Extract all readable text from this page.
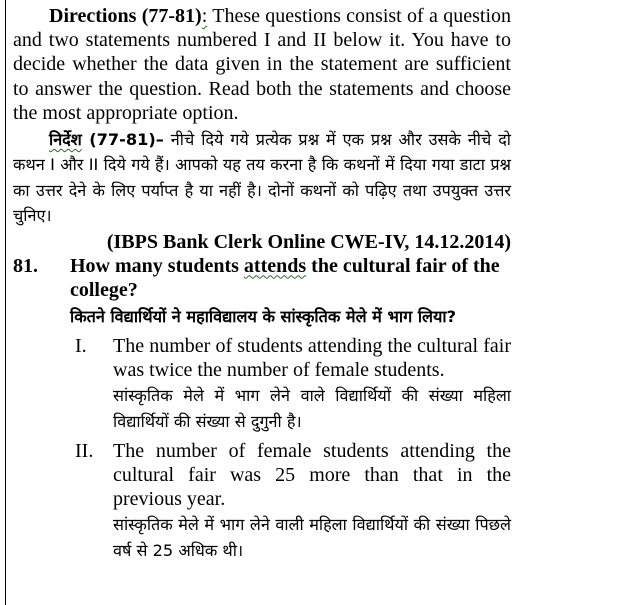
Directions (77-81): These questions consist of a question and two statements numbered I and II below it. You have to decide whether the data given in the statement are sufficient to answer the question. Read both the statements and choose the most appropriate option.

निर्देश (77-81)– नीचे दिये गये प्रत्येक प्रश्न में एक प्रश्न और उसके नीचे दो कथन I और II दिये गये हैं। आपको यह तय करना है कि कथनों में दिया गया डाटा प्रश्न का उत्तर देने के लिए पर्याप्त है या नहीं है। दोनों कथनों को पढ़िए तथा उपयुक्त उत्तर चुनिए।

(IBPS Bank Clerk Online CWE-IV, 14.12.2014)
81.	How many students attends the cultural fair of the college?

कितने विद्यार्थियों ने महाविद्यालय के सांस्कृतिक मेले में भाग लिया?

I.	The number of students attending the cultural fair was twice the number of female students.

सांस्कृतिक मेले में भाग लेने वाले विद्यार्थियों की संख्या महिला विद्यार्थियों की संख्या से दुगुनी है।

II. The number of female students attending the cultural fair was 25 more than that in the previous year.

सांस्कृतिक मेले में भाग लेने वाली महिला विद्यार्थियों की संख्या पिछले वर्ष से 25 अधिक थी।
